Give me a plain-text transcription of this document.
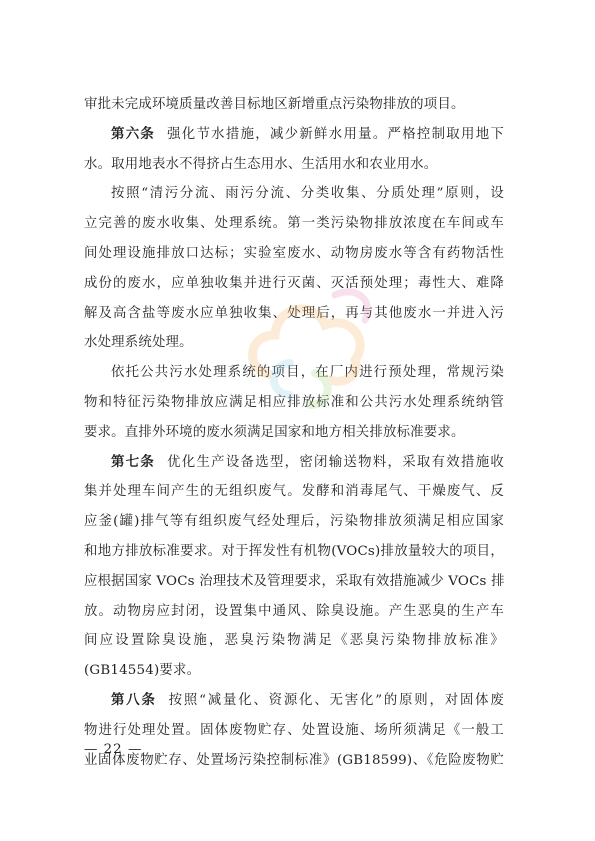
审批未完成环境质量改善目标地区新增重点污染物排放的项目。
第六条 强化节水措施，减少新鲜水用量。严格控制取用地下
水。取用地表水不得挤占生态用水、生活用水和农业用水。
按照“清污分流、雨污分流、分类收集、分质处理”原则，设
立完善的废水收集、处理系统。第一类污染物排放浓度在车间或车
间处理设施排放口达标；实验室废水、动物房废水等含有药物活性
成份的废水，应单独收集并进行灭菌、灭活预处理；毒性大、难降
解及高含盐等废水应单独收集、处理后，再与其他废水一并进入污
水处理系统处理。
依托公共污水处理系统的项目，在厂内进行预处理，常规污染
物和特征污染物排放应满足相应排放标准和公共污水处理系统纳管
要求。直排外环境的废水须满足国家和地方相关排放标准要求。
第七条 优化生产设备选型，密闭输送物料，采取有效措施收
集并处理车间产生的无组织废气。发酵和消毒尾气、干燥废气、反
应釜(罐)排气等有组织废气经处理后，污染物排放须满足相应国家
和地方排放标准要求。对于挥发性有机物(VOCs)排放量较大的项目，
应根据国家 VOCs 治理技术及管理要求，采取有效措施减少 VOCs 排
放。动物房应封闭，设置集中通风、除臭设施。产生恶臭的生产车
间应设置除臭设施，恶臭污染物满足《恶臭污染物排放标准》
(GB14554)要求。
第八条 按照“减量化、资源化、无害化”的原则，对固体废
物进行处理处置。固体废物贮存、处置设施、场所须满足《一般工
业固体废物贮存、处置场污染控制标准》(GB18599)、《危险废物贮
— 22 —
